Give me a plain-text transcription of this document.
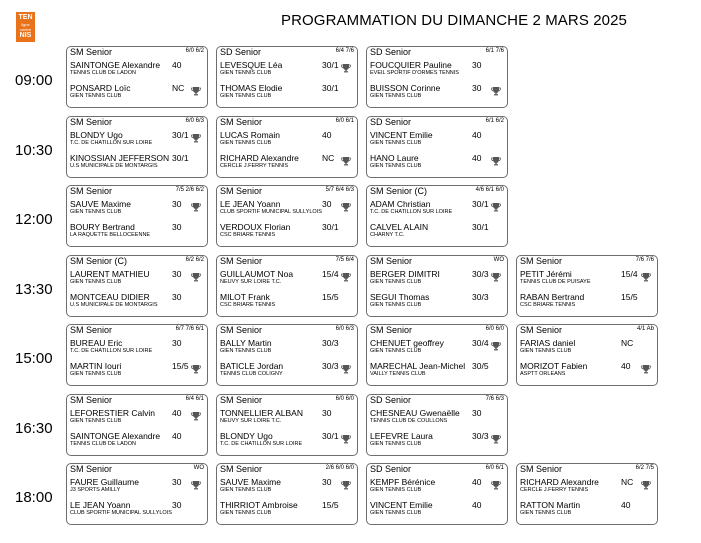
TEN
ligue centre
NIS
PROGRAMMATION DU DIMANCHE 2 MARS 2025
09:00
SM Senior	6/0 6/2
SAINTONGE Alexandre
TENNIS CLUB DE LADON
40
PONSARD Loïc
GIEN TENNIS CLUB
NC
SD Senior	6/4 7/6
LEVESQUE Léa
GIEN TENNIS CLUB
30/1
THOMAS Elodie
GIEN TENNIS CLUB
30/1
SD Senior	6/1 7/6
FOUCQUIER Pauline
EVEIL SPORTIF D'ORMES TENNIS
30
BUISSON Corinne
GIEN TENNIS CLUB
30
10:30
SM Senior	6/0 6/3
BLONDY Ugo
T.C. DE CHATILLON SUR LOIRE
30/1
KINOSSIAN JEFFERSON
U.S MUNICIPALE DE MONTARGIS
30/1
SM Senior	6/0 6/1
LUCAS Romain
GIEN TENNIS CLUB
40
RICHARD Alexandre
CERCLE J.FERRY TENNIS
NC
SD Senior	6/1 6/2
VINCENT Emilie
GIEN TENNIS CLUB
40
HANO Laure
GIEN TENNIS CLUB
40
12:00
SM Senior	7/5 2/6 6/2
SAUVE Maxime
GIEN TENNIS CLUB
30
BOURY Bertrand
LA RAQUETTE BELLOCEENNE
30
SM Senior	5/7 6/4 6/3
LE JEAN Yoann
CLUB SPORTIF MUNICIPAL SULLYLOIS
30
VERDOUX Florian
CSC BRIARE TENNIS
30/1
SM Senior (C)	4/6 6/1 6/0
ADAM Christian
T.C. DE CHATILLON SUR LOIRE
30/1
CALVEL ALAIN
CHARNY T.C.
30/1
13:30
SM Senior (C)	6/2 6/2
LAURENT MATHIEU
GIEN TENNIS CLUB
30
MONTCEAU DIDIER
U.S MUNICIPALE DE MONTARGIS
30
SM Senior	7/5 6/4
GUILLAUMOT Noa
NEUVY SUR LOIRE T.C.
15/4
MILOT Frank
CSC BRIARE TENNIS
15/5
SM Senior	WO
BERGER DIMITRI
GIEN TENNIS CLUB
30/3
SEGUI Thomas
GIEN TENNIS CLUB
30/3
SM Senior	7/6 7/6
PETIT Jérémi
TENNIS CLUB DE PUISAYE
15/4
RABAN Bertrand
CSC BRIARE TENNIS
15/5
15:00
SM Senior	6/7 7/6 6/1
BUREAU Eric
T.C. DE CHATILLON SUR LOIRE
30
MARTIN Iouri
GIEN TENNIS CLUB
15/5
SM Senior	6/0 6/3
BALLY Martin
GIEN TENNIS CLUB
30/3
BATICLE Jordan
TENNIS CLUB COLIGNY
30/3
SM Senior	6/0 6/0
CHENUET geoffrey
GIEN TENNIS CLUB
30/4
MARECHAL Jean-Michel
VAILLY TENNIS CLUB
30/5
SM Senior	4/1 Ab
FARIAS daniel
GIEN TENNIS CLUB
NC
MORIZOT Fabien
ASPTT ORLEANS
40
16:30
SM Senior	6/4 6/1
LEFORESTIER Calvin
GIEN TENNIS CLUB
40
SAINTONGE Alexandre
TENNIS CLUB DE LADON
40
SM Senior	6/0 6/0
TONNELLIER ALBAN
NEUVY SUR LOIRE T.C.
30
BLONDY Ugo
T.C. DE CHATILLON SUR LOIRE
30/1
SD Senior	7/6 6/3
CHESNEAU Gwenaëlle
TENNIS CLUB DE COULLONS
30
LEFEVRE Laura
GIEN TENNIS CLUB
30/3
18:00
SM Senior	WO
FAURE Guillaume
J3 SPORTS AMILLY
30
LE JEAN Yoann
CLUB SPORTIF MUNICIPAL SULLYLOIS
30
SM Senior	2/6 6/0 6/0
SAUVE Maxime
GIEN TENNIS CLUB
30
THIRRIOT Ambroise
GIEN TENNIS CLUB
15/5
SD Senior	6/0 6/1
KEMPF Bérénice
GIEN TENNIS CLUB
40
VINCENT Emilie
GIEN TENNIS CLUB
40
SM Senior	6/2 7/5
RICHARD Alexandre
CERCLE J.FERRY TENNIS
NC
RATTON Martin
GIEN TENNIS CLUB
40
